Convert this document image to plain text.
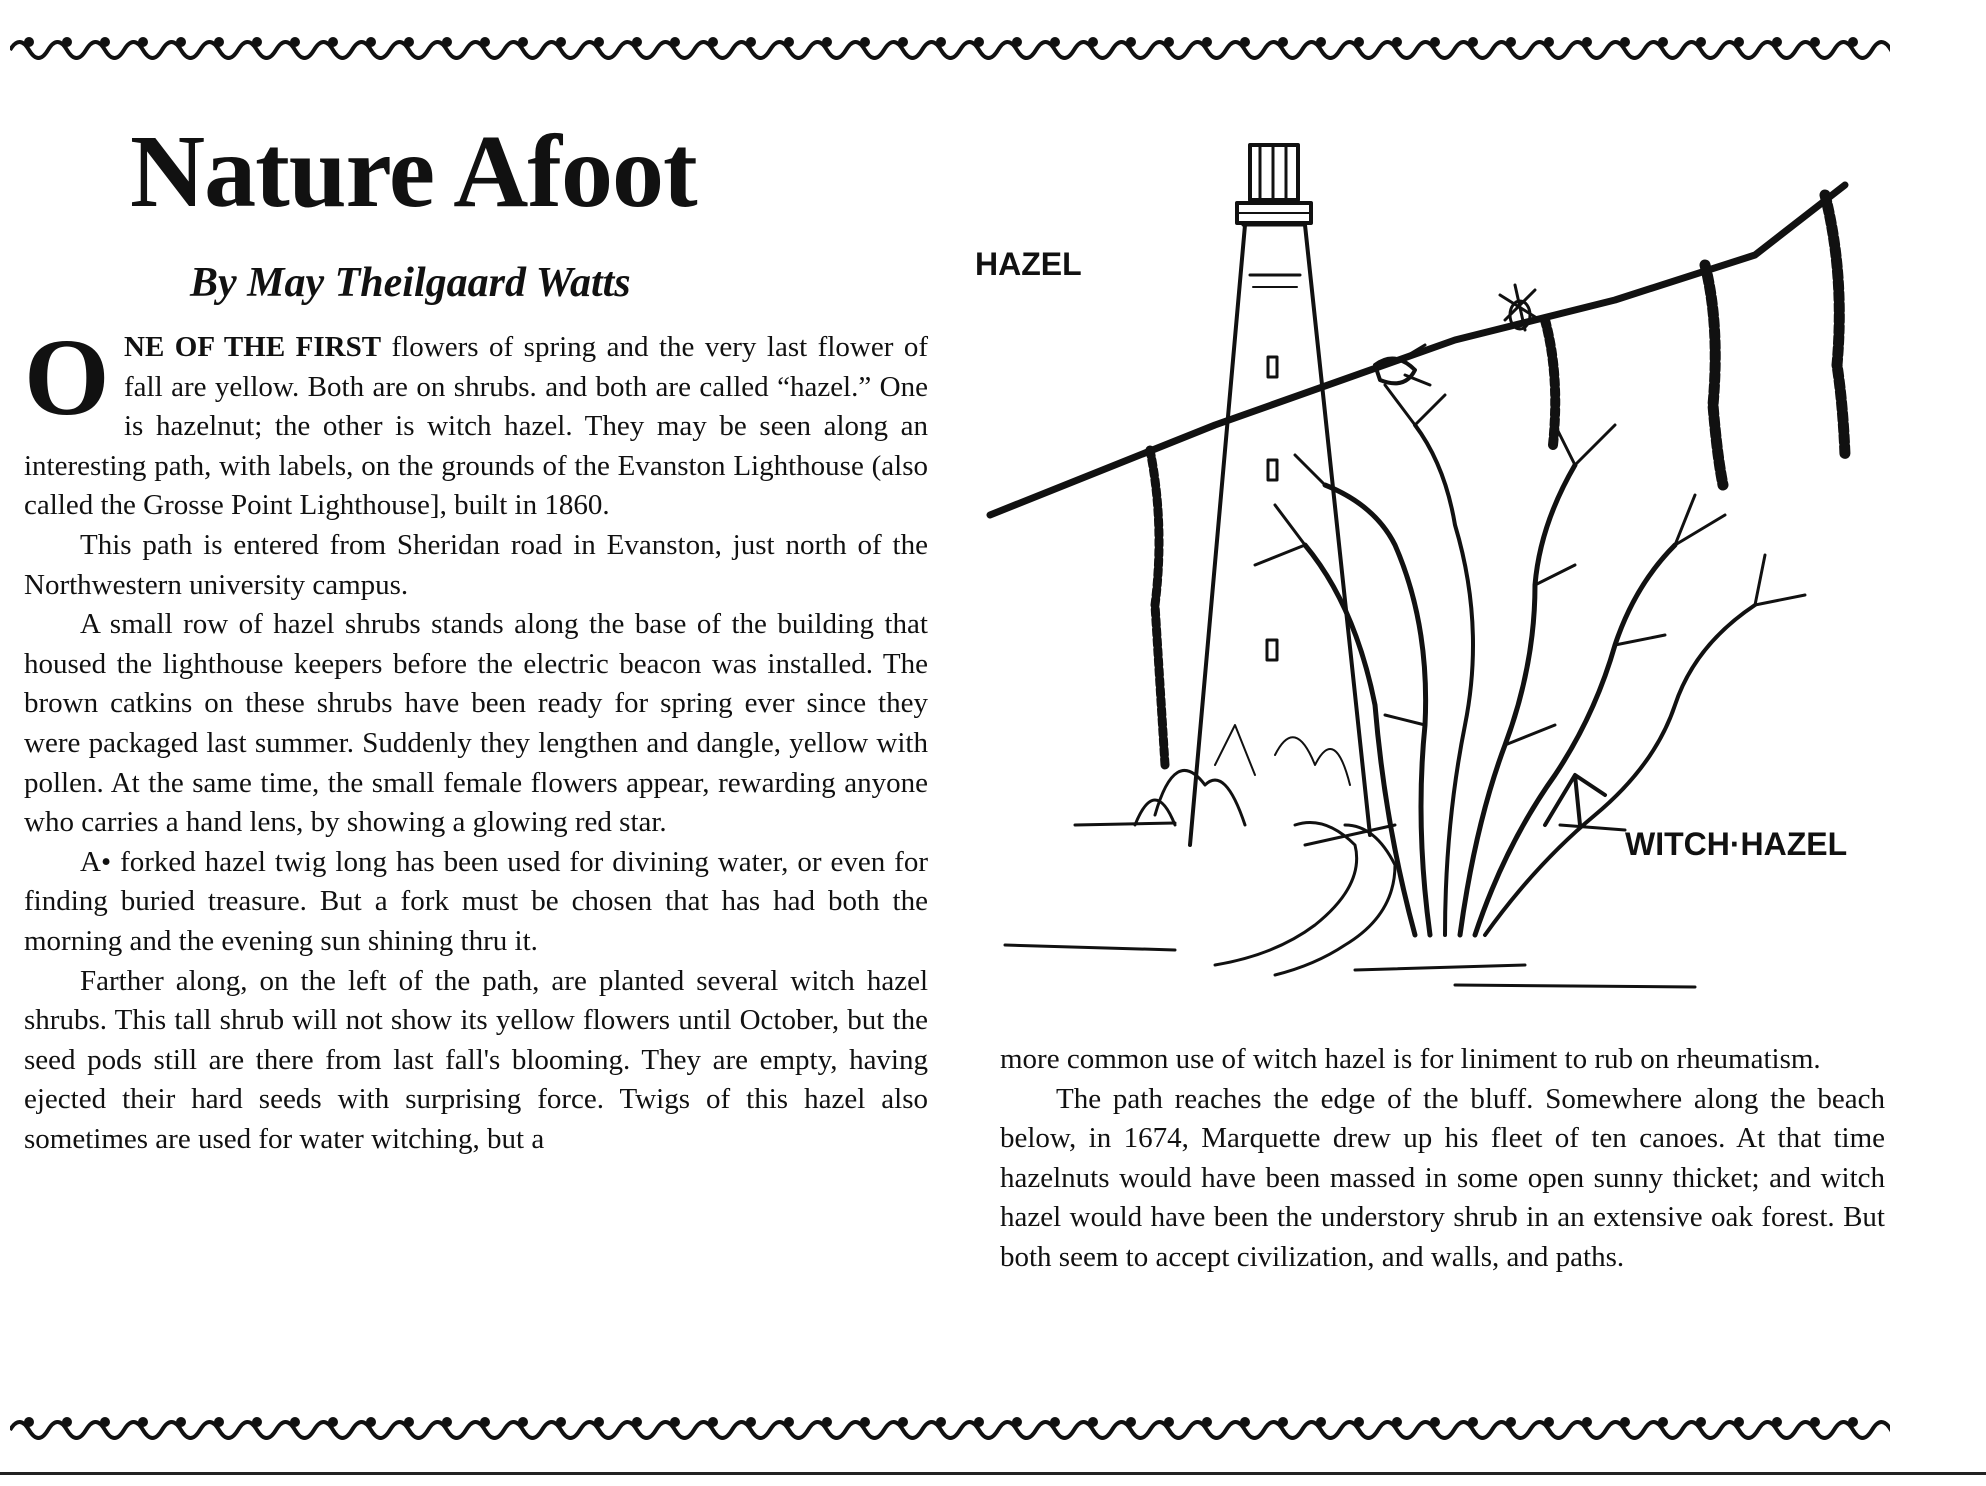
Nature Afoot
By May Theilgaard Watts

O NE OF THE FIRST flowers of spring and the very last flower of fall are yellow. Both are on shrubs. and both are called “hazel.” One is hazelnut; the other is witch hazel. They may be seen along an interesting path, with labels, on the grounds of the Evanston Lighthouse (also called the Grosse Point Lighthouse], built in 1860.

This path is entered from Sheridan road in Evanston, just north of the Northwestern university campus.

A small row of hazel shrubs stands along the base of the building that housed the lighthouse keepers before the electric beacon was installed. The brown catkins on these shrubs have been ready for spring ever since they were packaged last summer. Suddenly they lengthen and dangle, yellow with pollen. At the same time, the small female flowers appear, rewarding anyone who carries a hand lens, by showing a glowing red star.

A• forked hazel twig long has been used for divining water, or even for finding buried treasure. But a fork must be chosen that has had both the morning and the evening sun shining thru it.

Farther along, on the left of the path, are planted several witch hazel shrubs. This tall shrub will not show its yellow flowers until October, but the seed pods still are there from last fall's blooming. They are empty, having ejected their hard seeds with surprising force. Twigs of this hazel also sometimes are used for water witching, but a

more common use of witch hazel is for liniment to rub on rheumatism.

The path reaches the edge of the bluff. Somewhere along the beach below, in 1674, Marquette drew up his fleet of ten canoes. At that time hazelnuts would have been massed in some open sunny thicket; and witch hazel would have been the understory shrub in an extensive oak forest. But both seem to accept civilization, and walls, and paths.

HAZEL
WITCH·HAZEL
